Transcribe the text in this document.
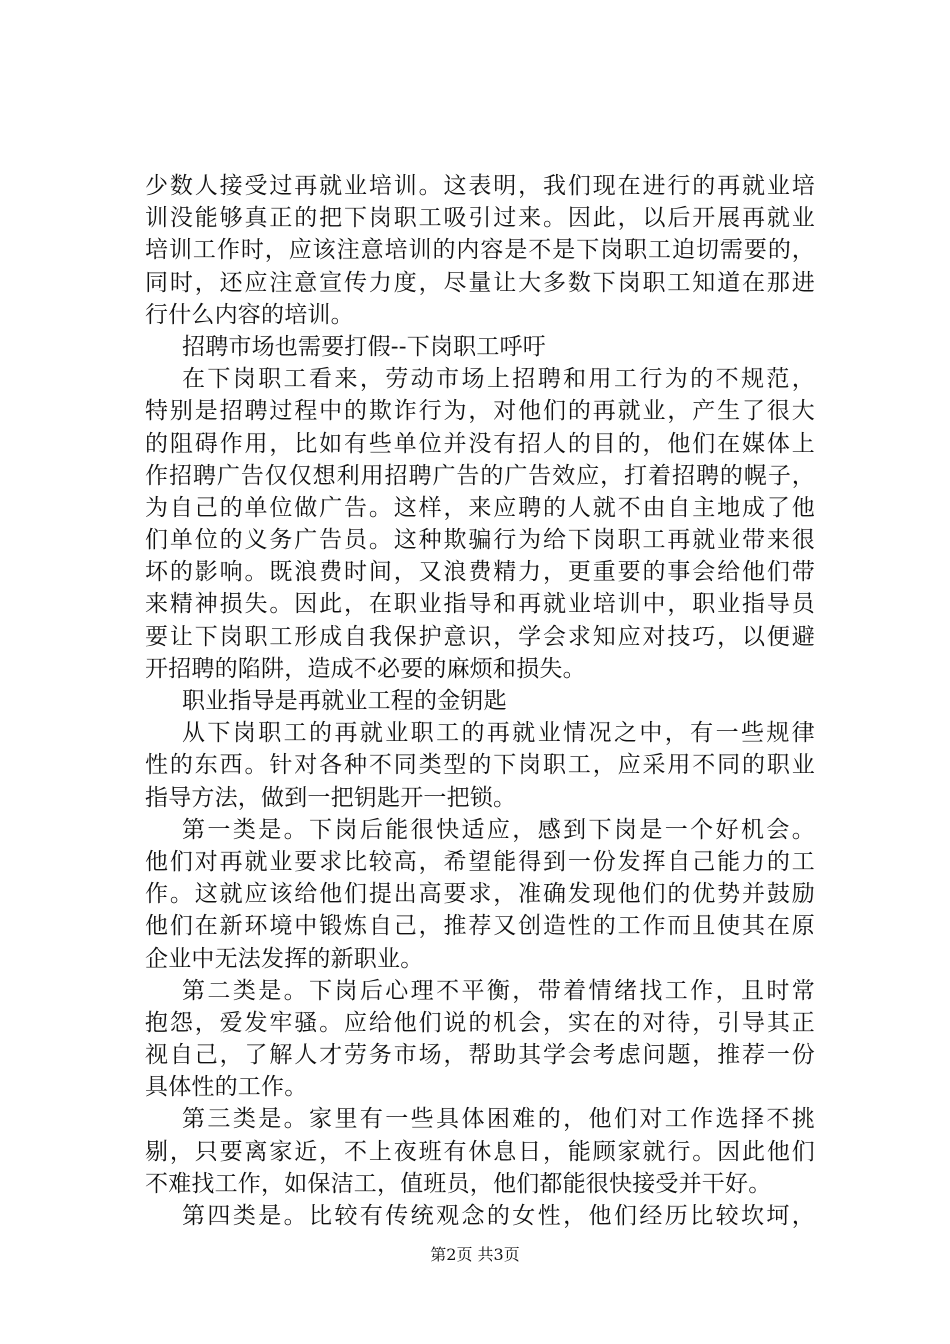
少数人接受过再就业培训。这表明，我们现在进行的再就业培
训没能够真正的把下岗职工吸引过来。因此，以后开展再就业
培训工作时，应该注意培训的内容是不是下岗职工迫切需要的，
同时，还应注意宣传力度，尽量让大多数下岗职工知道在那进
行什么内容的培训。
招聘市场也需要打假--下岗职工呼吁
在下岗职工看来，劳动市场上招聘和用工行为的不规范，
特别是招聘过程中的欺诈行为，对他们的再就业，产生了很大
的阻碍作用，比如有些单位并没有招人的目的，他们在媒体上
作招聘广告仅仅想利用招聘广告的广告效应，打着招聘的幌子，
为自己的单位做广告。这样，来应聘的人就不由自主地成了他
们单位的义务广告员。这种欺骗行为给下岗职工再就业带来很
坏的影响。既浪费时间，又浪费精力，更重要的事会给他们带
来精神损失。因此，在职业指导和再就业培训中，职业指导员
要让下岗职工形成自我保护意识，学会求知应对技巧，以便避
开招聘的陷阱，造成不必要的麻烦和损失。
职业指导是再就业工程的金钥匙
从下岗职工的再就业职工的再就业情况之中，有一些规律
性的东西。针对各种不同类型的下岗职工，应采用不同的职业
指导方法，做到一把钥匙开一把锁。
第一类是。下岗后能很快适应，感到下岗是一个好机会。
他们对再就业要求比较高，希望能得到一份发挥自己能力的工
作。这就应该给他们提出高要求，准确发现他们的优势并鼓励
他们在新环境中锻炼自己，推荐又创造性的工作而且使其在原
企业中无法发挥的新职业。
第二类是。下岗后心理不平衡，带着情绪找工作，且时常
抱怨，爱发牢骚。应给他们说的机会，实在的对待，引导其正
视自己，了解人才劳务市场，帮助其学会考虑问题，推荐一份
具体性的工作。
第三类是。家里有一些具体困难的，他们对工作选择不挑
剔，只要离家近，不上夜班有休息日，能顾家就行。因此他们
不难找工作，如保洁工，值班员，他们都能很快接受并干好。
第四类是。比较有传统观念的女性，他们经历比较坎坷，
第2页 共3页
